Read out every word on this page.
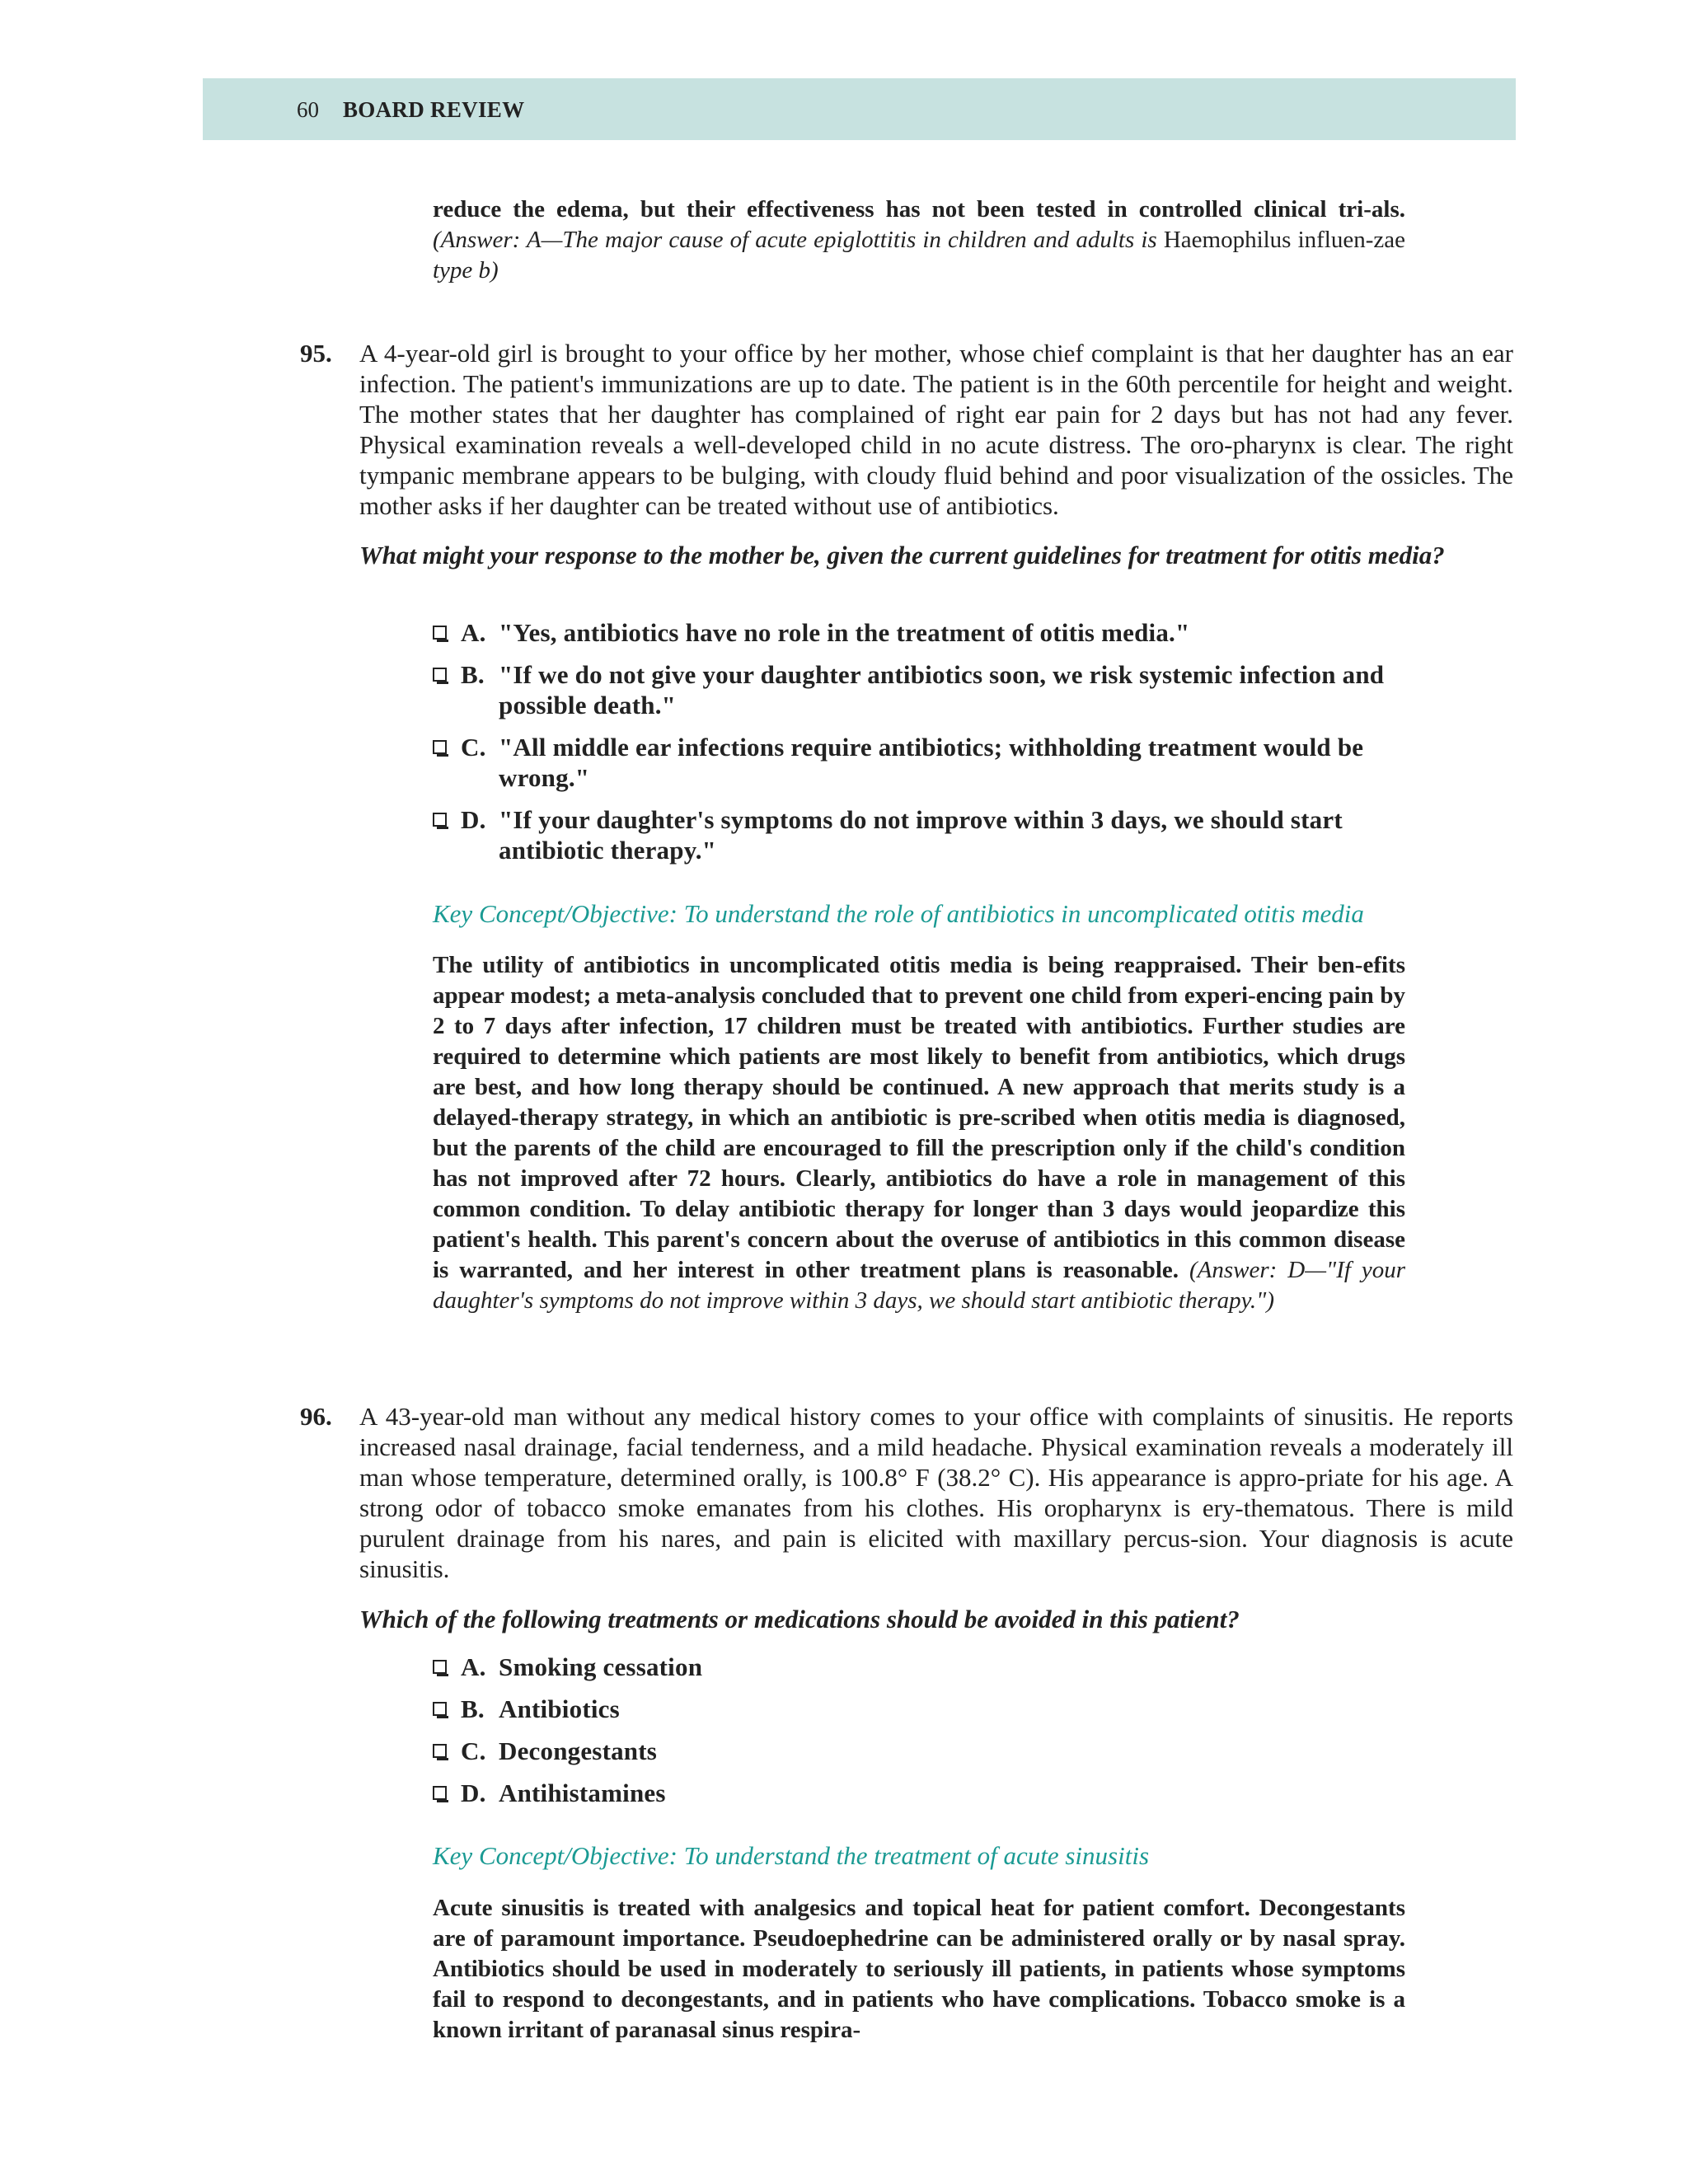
60 BOARD REVIEW
reduce the edema, but their effectiveness has not been tested in controlled clinical tri-als. (Answer: A—The major cause of acute epiglottitis in children and adults is Haemophilus influen-zae type b)
95. A 4-year-old girl is brought to your office by her mother, whose chief complaint is that her daughter has an ear infection. The patient's immunizations are up to date. The patient is in the 60th percentile for height and weight. The mother states that her daughter has complained of right ear pain for 2 days but has not had any fever. Physical examination reveals a well-developed child in no acute distress. The oro-pharynx is clear. The right tympanic membrane appears to be bulging, with cloudy fluid behind and poor visualization of the ossicles. The mother asks if her daughter can be treated without use of antibiotics.
What might your response to the mother be, given the current guidelines for treatment for otitis media?
A. "Yes, antibiotics have no role in the treatment of otitis media."
B. "If we do not give your daughter antibiotics soon, we risk systemic infection and possible death."
C. "All middle ear infections require antibiotics; withholding treatment would be wrong."
D. "If your daughter's symptoms do not improve within 3 days, we should start antibiotic therapy."
Key Concept/Objective: To understand the role of antibiotics in uncomplicated otitis media
The utility of antibiotics in uncomplicated otitis media is being reappraised. Their ben-efits appear modest; a meta-analysis concluded that to prevent one child from experi-encing pain by 2 to 7 days after infection, 17 children must be treated with antibiotics. Further studies are required to determine which patients are most likely to benefit from antibiotics, which drugs are best, and how long therapy should be continued. A new approach that merits study is a delayed-therapy strategy, in which an antibiotic is pre-scribed when otitis media is diagnosed, but the parents of the child are encouraged to fill the prescription only if the child's condition has not improved after 72 hours. Clearly, antibiotics do have a role in management of this common condition. To delay antibiotic therapy for longer than 3 days would jeopardize this patient's health. This parent's concern about the overuse of antibiotics in this common disease is warranted, and her interest in other treatment plans is reasonable. (Answer: D—"If your daughter's symptoms do not improve within 3 days, we should start antibiotic therapy.")
96. A 43-year-old man without any medical history comes to your office with complaints of sinusitis. He reports increased nasal drainage, facial tenderness, and a mild headache. Physical examination reveals a moderately ill man whose temperature, determined orally, is 100.8° F (38.2° C). His appearance is appro-priate for his age. A strong odor of tobacco smoke emanates from his clothes. His oropharynx is ery-thematous. There is mild purulent drainage from his nares, and pain is elicited with maxillary percus-sion. Your diagnosis is acute sinusitis.
Which of the following treatments or medications should be avoided in this patient?
A. Smoking cessation
B. Antibiotics
C. Decongestants
D. Antihistamines
Key Concept/Objective: To understand the treatment of acute sinusitis
Acute sinusitis is treated with analgesics and topical heat for patient comfort. Decongestants are of paramount importance. Pseudoephedrine can be administered orally or by nasal spray. Antibiotics should be used in moderately to seriously ill patients, in patients whose symptoms fail to respond to decongestants, and in patients who have complications. Tobacco smoke is a known irritant of paranasal sinus respira-
